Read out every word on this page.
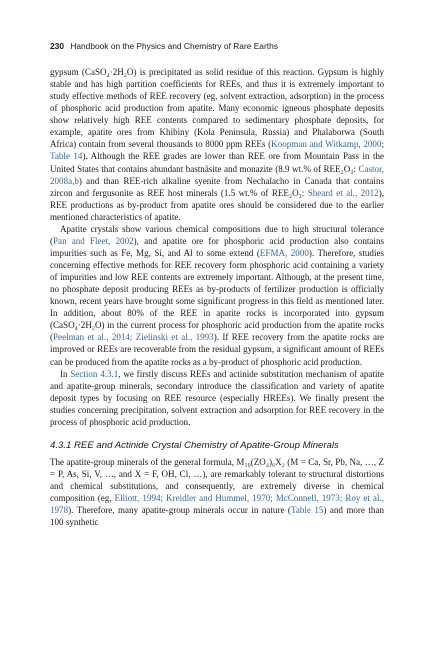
230 Handbook on the Physics and Chemistry of Rare Earths

gypsum (CaSO₄·2H₂O) is precipitated as solid residue of this reaction. Gypsum is highly stable and has high partition coefficients for REEs, and thus it is extremely important to study effective methods of REE recovery (eg, solvent extraction, adsorption) in the process of phosphoric acid production from apatite. Many economic igneous phosphate deposits show relatively high REE contents compared to sedimentary phosphate deposits, for example, apatite ores from Khibiny (Kola Peninsula, Russia) and Phalaborwa (South Africa) contain from several thousands to 8000 ppm REEs (Koopman and Witkamp, 2000; Table 14). Although the REE grades are lower than REE ore from Mountain Pass in the United States that contains abundant bastnäsite and monazite (8.9 wt.% of REE₂O₃: Castor, 2008a,b) and than REE-rich alkaline syenite from Nechalacho in Canada that contains zircon and fergusonite as REE host minerals (1.5 wt.% of REE₂O₃: Sheard et al., 2012), REE productions as by-product from apatite ores should be considered due to the earlier mentioned characteristics of apatite.

Apatite crystals show various chemical compositions due to high structural tolerance (Pan and Fleet, 2002), and apatite ore for phosphoric acid production also contains impurities such as Fe, Mg, Si, and Al to some extend (EFMA, 2000). Therefore, studies concerning effective methods for REE recovery form phosphoric acid containing a variety of impurities and low REE contents are extremely important. Although, at the present time, no phosphate deposit producing REEs as by-products of fertilizer production is officially known, recent years have brought some significant progress in this field as mentioned later. In addition, about 80% of the REE in apatite rocks is incorporated into gypsum (CaSO₄·2H₂O) in the current process for phosphoric acid production from the apatite rocks (Peelman et al., 2014; Zielinski et al., 1993). If REE recovery from the apatite rocks are improved or REEs are recoverable from the residual gypsum, a significant amount of REEs can be produced from the apatite rocks as a by-product of phosphoric acid production.

In Section 4.3.1, we firstly discuss REEs and actinide substitution mechanism of apatite and apatite-group minerals, secondary introduce the classification and variety of apatite deposit types by focusing on REE resource (especially HREEs). We finally present the studies concerning precipitation, solvent extraction and adsorption for REE recovery in the process of phosphoric acid production.

4.3.1 REE and Actinide Crystal Chemistry of Apatite-Group Minerals

The apatite-group minerals of the general formula, M₁₀(ZO₄)₆X₂ (M = Ca, Sr, Pb, Na, …, Z = P, As, Si, V, …, and X = F, OH, Cl, …), are remarkably tolerant to structural distortions and chemical substitutions, and consequently, are extremely diverse in chemical composition (eg, Elliott, 1994; Kreidler and Hummel, 1970; McConnell, 1973; Roy et al., 1978). Therefore, many apatite-group minerals occur in nature (Table 15) and more than 100 synthetic
